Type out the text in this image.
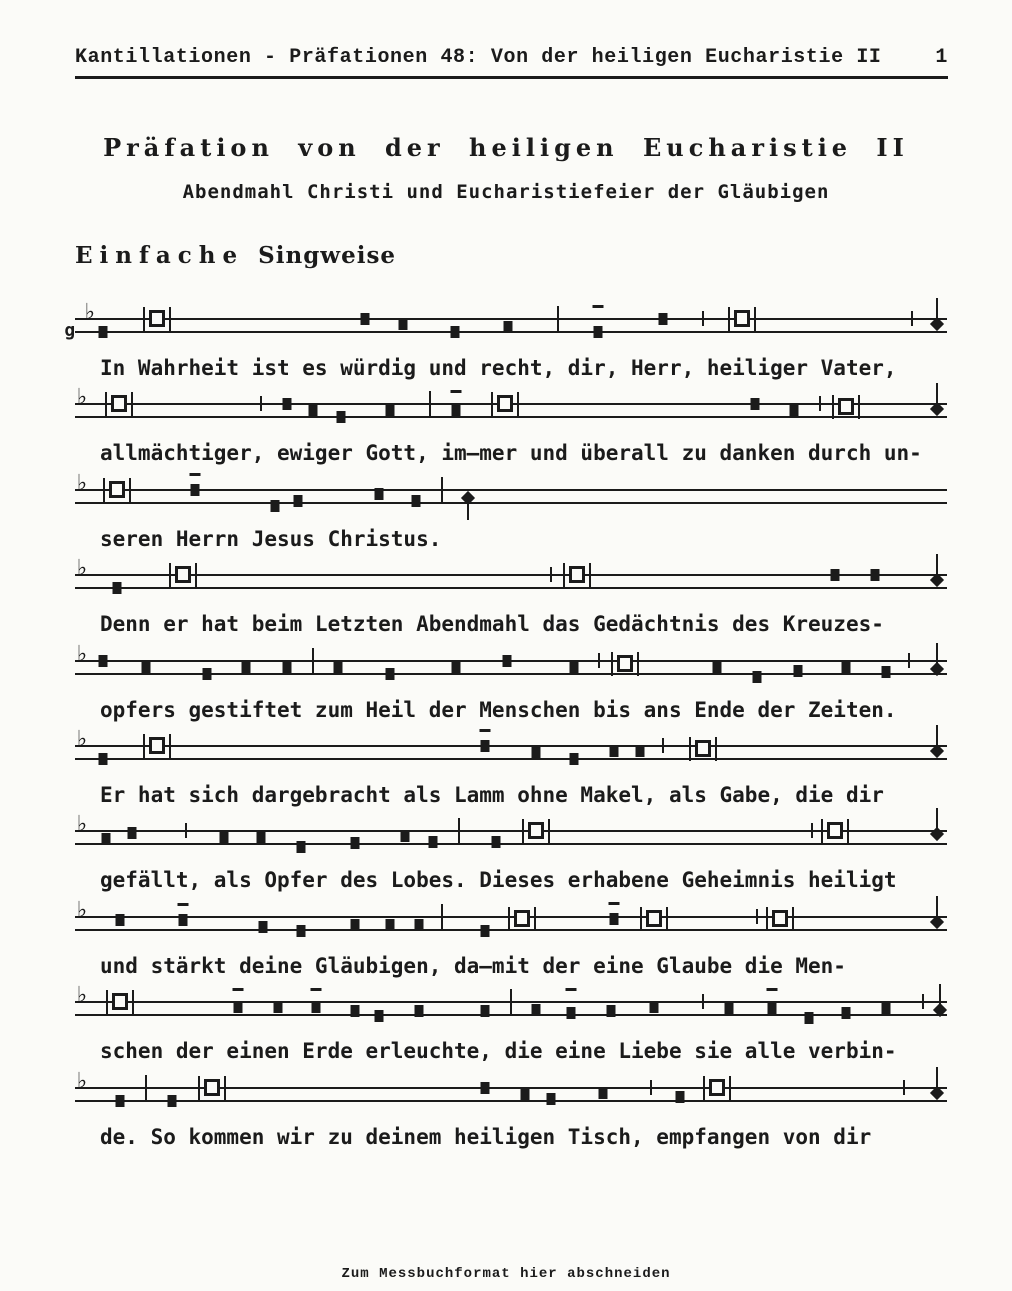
Kantillationen - Präfationen 48: Von der heiligen Eucharistie II	1
Präfation von der heiligen Eucharistie II
Abendmahl Christi und Eucharistiefeier der Gläubigen
Einfache Singweise
♭
g
In Wahrheit ist es würdig und recht, dir, Herr, heiliger Vater,
♭
allmächtiger, ewiger Gott, im–mer und überall zu danken durch un-
♭
seren Herrn Jesus Christus.
♭
Denn er hat beim Letzten Abendmahl das Gedächtnis des Kreuzes-
♭
opfers gestiftet zum Heil der Menschen bis ans Ende der Zeiten.
♭
Er hat sich dargebracht als Lamm ohne Makel, als Gabe, die dir
♭
gefällt, als Opfer des Lobes. Dieses erhabene Geheimnis heiligt
♭
und stärkt deine Gläubigen, da–mit der eine Glaube die Men-
♭
schen der einen Erde erleuchte, die eine Liebe sie alle verbin-
♭
de. So kommen wir zu deinem heiligen Tisch, empfangen von dir
Zum Messbuchformat hier abschneiden
